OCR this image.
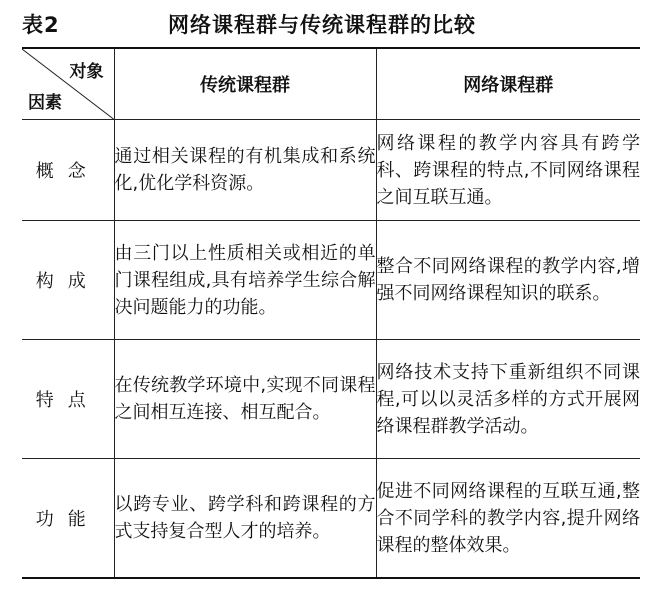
表2	网络课程群与传统课程群的比较
对象
因素	传统课程群	网络课程群
概念	通过相关课程的有机集成和系统化,优化学科资源。	网络课程的教学内容具有跨学科、跨课程的特点,不同网络课程之间互联互通。
构成	由三门以上性质相关或相近的单门课程组成,具有培养学生综合解决问题能力的功能。	整合不同网络课程的教学内容,增强不同网络课程知识的联系。
特点	在传统教学环境中,实现不同课程之间相互连接、相互配合。	网络技术支持下重新组织不同课程,可以以灵活多样的方式开展网络课程群教学活动。
功能	以跨专业、跨学科和跨课程的方式支持复合型人才的培养。	促进不同网络课程的互联互通,整合不同学科的教学内容,提升网络课程的整体效果。
